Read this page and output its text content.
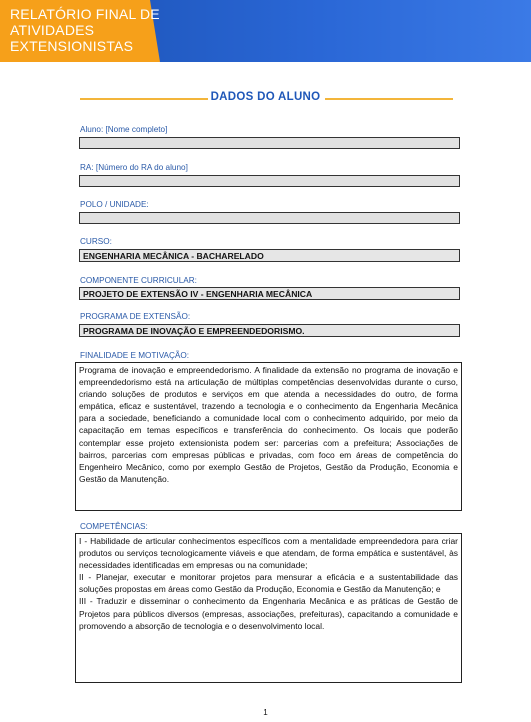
RELATÓRIO FINAL DE
ATIVIDADES
EXTENSIONISTAS
DADOS DO ALUNO
Aluno: [Nome completo]
RA: [Número do RA do aluno]
POLO / UNIDADE:
CURSO:
ENGENHARIA MECÂNICA - BACHARELADO
COMPONENTE CURRICULAR:
PROJETO DE EXTENSÃO IV - ENGENHARIA MECÂNICA
PROGRAMA DE EXTENSÃO:
PROGRAMA DE INOVAÇÃO E EMPREENDEDORISMO.
FINALIDADE E MOTIVAÇÃO:

Programa de inovação e empreendedorismo. A finalidade da extensão no programa de inovação e empreendedorismo está na articulação de múltiplas competências desenvolvidas durante o curso, criando soluções de produtos e serviços em que atenda a necessidades do outro, de forma empática, eficaz e sustentável, trazendo a tecnologia e o conhecimento da Engenharia Mecânica para a sociedade, beneficiando a comunidade local com o conhecimento adquirido, por meio da capacitação em temas específicos e transferência do conhecimento. Os locais que poderão contemplar esse projeto extensionista podem ser: parcerias com a prefeitura; Associações de bairros, parcerias com empresas públicas e privadas, com foco em áreas de competência do Engenheiro Mecânico, como por exemplo Gestão de Projetos, Gestão da Produção, Economia e Gestão da Manutenção.

COMPETÊNCIAS:

I - Habilidade de articular conhecimentos específicos com a mentalidade empreendedora para criar produtos ou serviços tecnologicamente viáveis e que atendam, de forma empática e sustentável, às necessidades identificadas em empresas ou na comunidade;

II - Planejar, executar e monitorar projetos para mensurar a eficácia e a sustentabilidade das soluções propostas em áreas como Gestão da Produção, Economia e Gestão da Manutenção; e

III - Traduzir e disseminar o conhecimento da Engenharia Mecânica e as práticas de Gestão de Projetos para públicos diversos (empresas, associações, prefeituras), capacitando a comunidade e promovendo a absorção de tecnologia e o desenvolvimento local.

1
